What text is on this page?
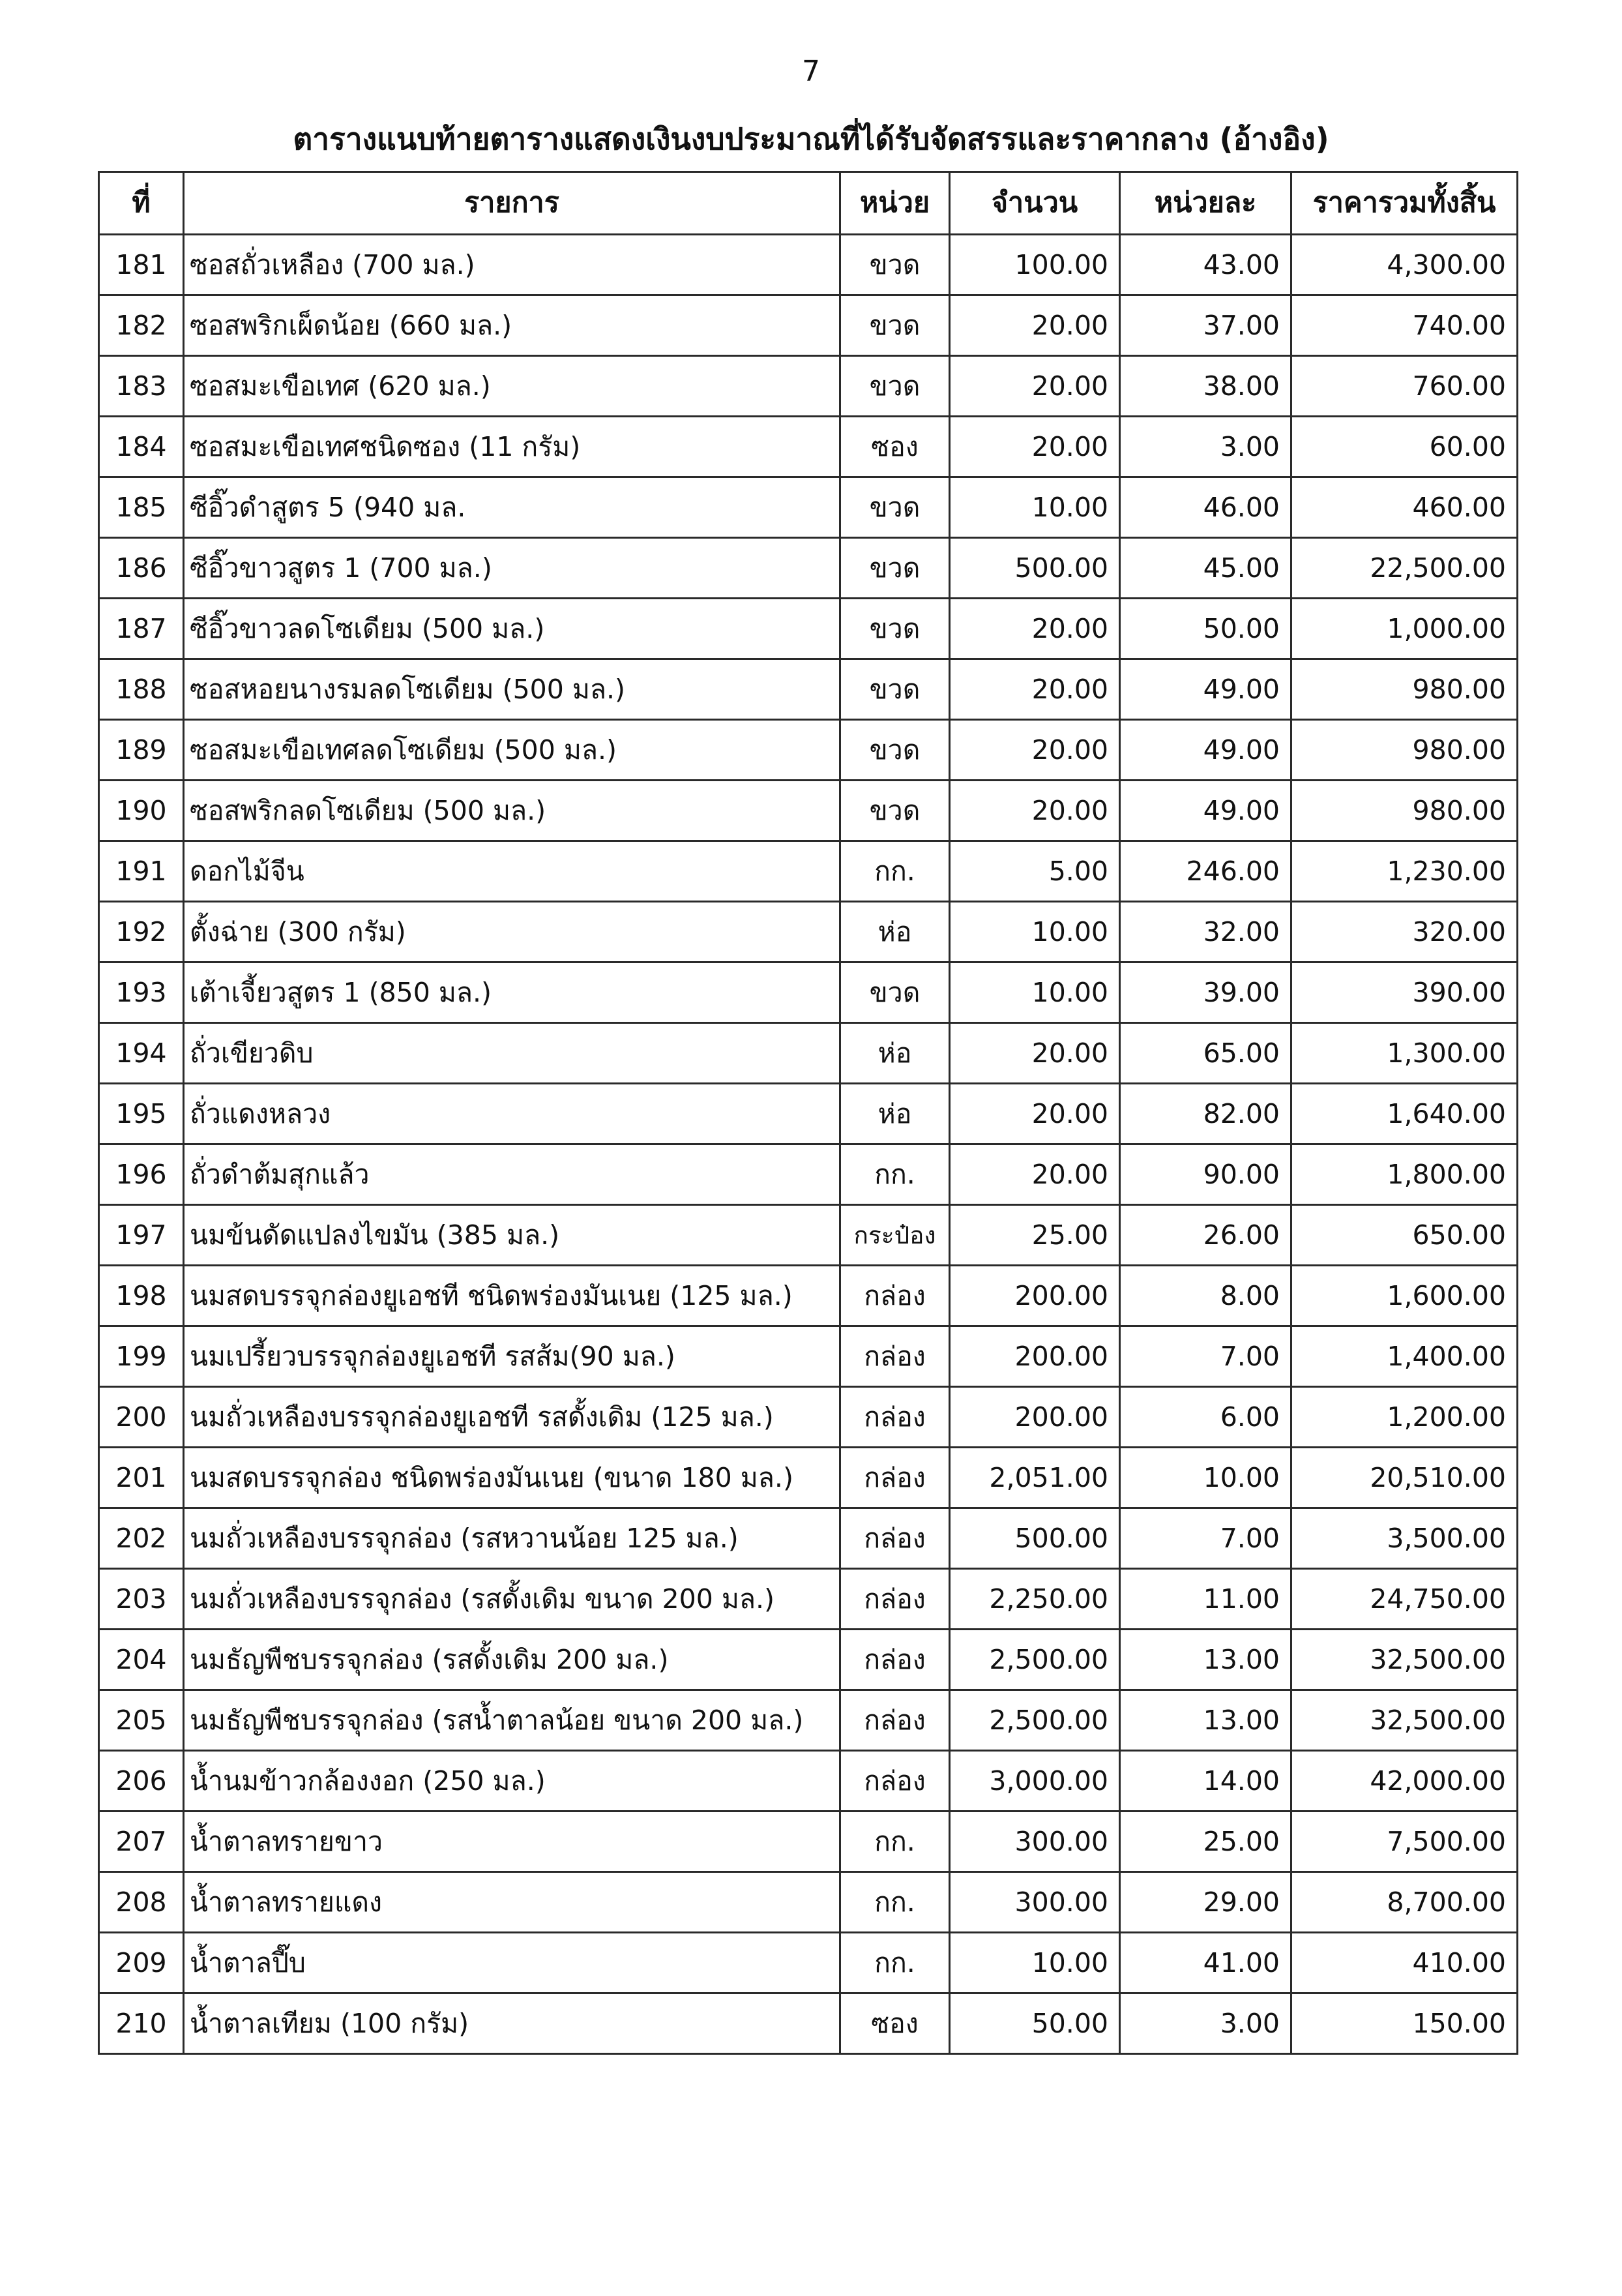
7
ตารางแนบท้ายตารางแสดงเงินงบประมาณที่ได้รับจัดสรรและราคากลาง (อ้างอิง)
ที่	รายการ	หน่วย	จำนวน	หน่วยละ	ราคารวมทั้งสิ้น
181	ซอสถั่วเหลือง (700 มล.)	ขวด	100.00	43.00	4,300.00
182	ซอสพริกเผ็ดน้อย (660 มล.)	ขวด	20.00	37.00	740.00
183	ซอสมะเขือเทศ (620 มล.)	ขวด	20.00	38.00	760.00
184	ซอสมะเขือเทศชนิดซอง (11 กรัม)	ซอง	20.00	3.00	60.00
185	ซีอิ๊วดำสูตร 5 (940 มล.	ขวด	10.00	46.00	460.00
186	ซีอิ๊วขาวสูตร 1 (700 มล.)	ขวด	500.00	45.00	22,500.00
187	ซีอิ๊วขาวลดโซเดียม (500 มล.)	ขวด	20.00	50.00	1,000.00
188	ซอสหอยนางรมลดโซเดียม (500 มล.)	ขวด	20.00	49.00	980.00
189	ซอสมะเขือเทศลดโซเดียม (500 มล.)	ขวด	20.00	49.00	980.00
190	ซอสพริกลดโซเดียม (500 มล.)	ขวด	20.00	49.00	980.00
191	ดอกไม้จีน	กก.	5.00	246.00	1,230.00
192	ตั้งฉ่าย (300 กรัม)	ห่อ	10.00	32.00	320.00
193	เต้าเจี้ยวสูตร 1 (850 มล.)	ขวด	10.00	39.00	390.00
194	ถั่วเขียวดิบ	ห่อ	20.00	65.00	1,300.00
195	ถั่วแดงหลวง	ห่อ	20.00	82.00	1,640.00
196	ถั่วดำต้มสุกแล้ว	กก.	20.00	90.00	1,800.00
197	นมข้นดัดแปลงไขมัน (385 มล.)	กระป๋อง	25.00	26.00	650.00
198	นมสดบรรจุกล่องยูเอชที ชนิดพร่องมันเนย (125 มล.)	กล่อง	200.00	8.00	1,600.00
199	นมเปรี้ยวบรรจุกล่องยูเอชที รสส้ม(90 มล.)	กล่อง	200.00	7.00	1,400.00
200	นมถั่วเหลืองบรรจุกล่องยูเอชที รสดั้งเดิม (125 มล.)	กล่อง	200.00	6.00	1,200.00
201	นมสดบรรจุกล่อง ชนิดพร่องมันเนย (ขนาด 180 มล.)	กล่อง	2,051.00	10.00	20,510.00
202	นมถั่วเหลืองบรรจุกล่อง (รสหวานน้อย 125 มล.)	กล่อง	500.00	7.00	3,500.00
203	นมถั่วเหลืองบรรจุกล่อง (รสดั้งเดิม ขนาด 200 มล.)	กล่อง	2,250.00	11.00	24,750.00
204	นมธัญพืชบรรจุกล่อง (รสดั้งเดิม 200 มล.)	กล่อง	2,500.00	13.00	32,500.00
205	นมธัญพืชบรรจุกล่อง (รสน้ำตาลน้อย ขนาด 200 มล.)	กล่อง	2,500.00	13.00	32,500.00
206	น้ำนมข้าวกล้องงอก (250 มล.)	กล่อง	3,000.00	14.00	42,000.00
207	น้ำตาลทรายขาว	กก.	300.00	25.00	7,500.00
208	น้ำตาลทรายแดง	กก.	300.00	29.00	8,700.00
209	น้ำตาลปี๊บ	กก.	10.00	41.00	410.00
210	น้ำตาลเทียม (100 กรัม)	ซอง	50.00	3.00	150.00
